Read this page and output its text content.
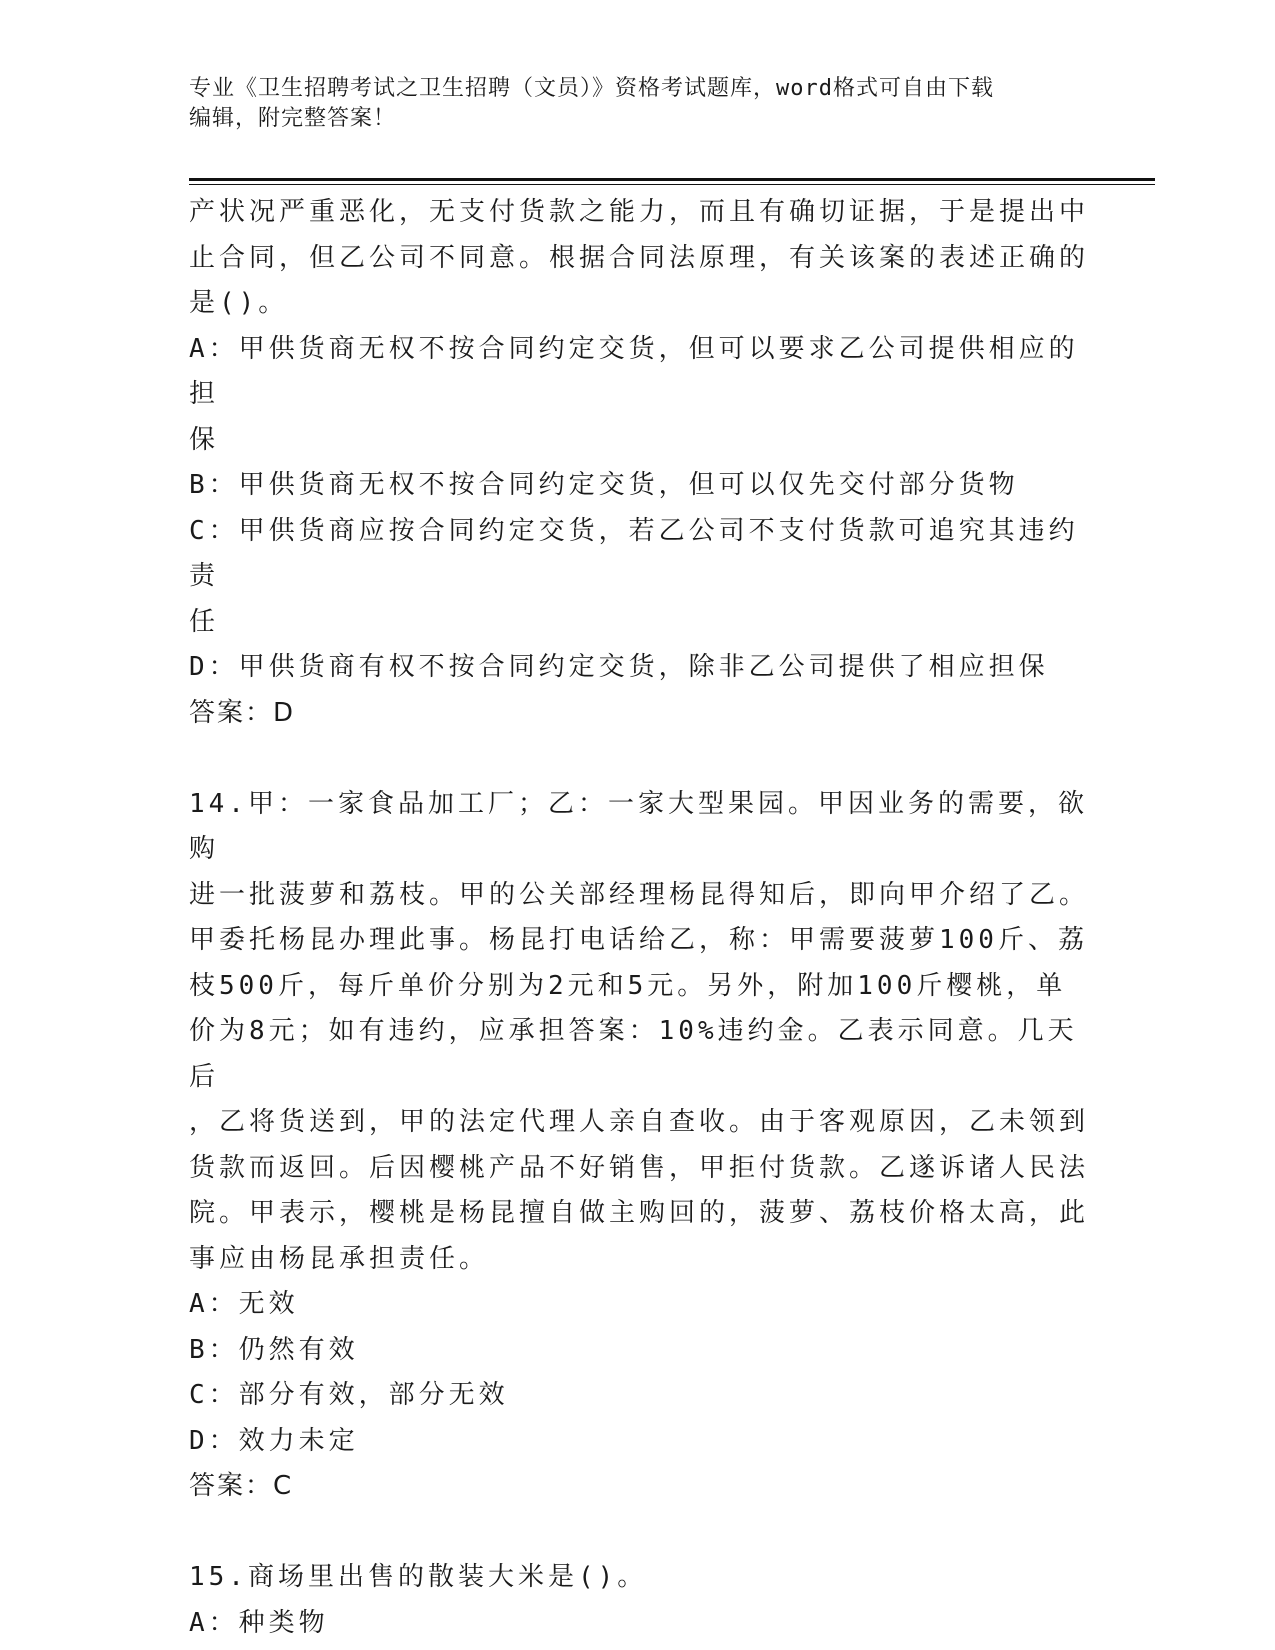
专业《卫生招聘考试之卫生招聘（文员）》资格考试题库，word格式可自由下载
编辑，附完整答案！

产状况严重恶化，无支付货款之能力，而且有确切证据，于是提出中

止合同，但乙公司不同意。根据合同法原理，有关该案的表述正确的

是()。

A：甲供货商无权不按合同约定交货，但可以要求乙公司提供相应的担

保

B：甲供货商无权不按合同约定交货，但可以仅先交付部分货物

C：甲供货商应按合同约定交货，若乙公司不支付货款可追究其违约责

任

D：甲供货商有权不按合同约定交货，除非乙公司提供了相应担保

答案：D

14.甲：一家食品加工厂；乙：一家大型果园。甲因业务的需要，欲购

进一批菠萝和荔枝。甲的公关部经理杨昆得知后，即向甲介绍了乙。

甲委托杨昆办理此事。杨昆打电话给乙，称：甲需要菠萝100斤、荔

枝500斤，每斤单价分别为2元和5元。另外，附加100斤樱桃，单

价为8元；如有违约，应承担答案：10%违约金。乙表示同意。几天后

，乙将货送到，甲的法定代理人亲自查收。由于客观原因，乙未领到

货款而返回。后因樱桃产品不好销售，甲拒付货款。乙遂诉诸人民法

院。甲表示，樱桃是杨昆擅自做主购回的，菠萝、荔枝价格太高，此

事应由杨昆承担责任。

A：无效

B：仍然有效

C：部分有效，部分无效

D：效力未定

答案：C

15.商场里出售的散装大米是()。

A：种类物
